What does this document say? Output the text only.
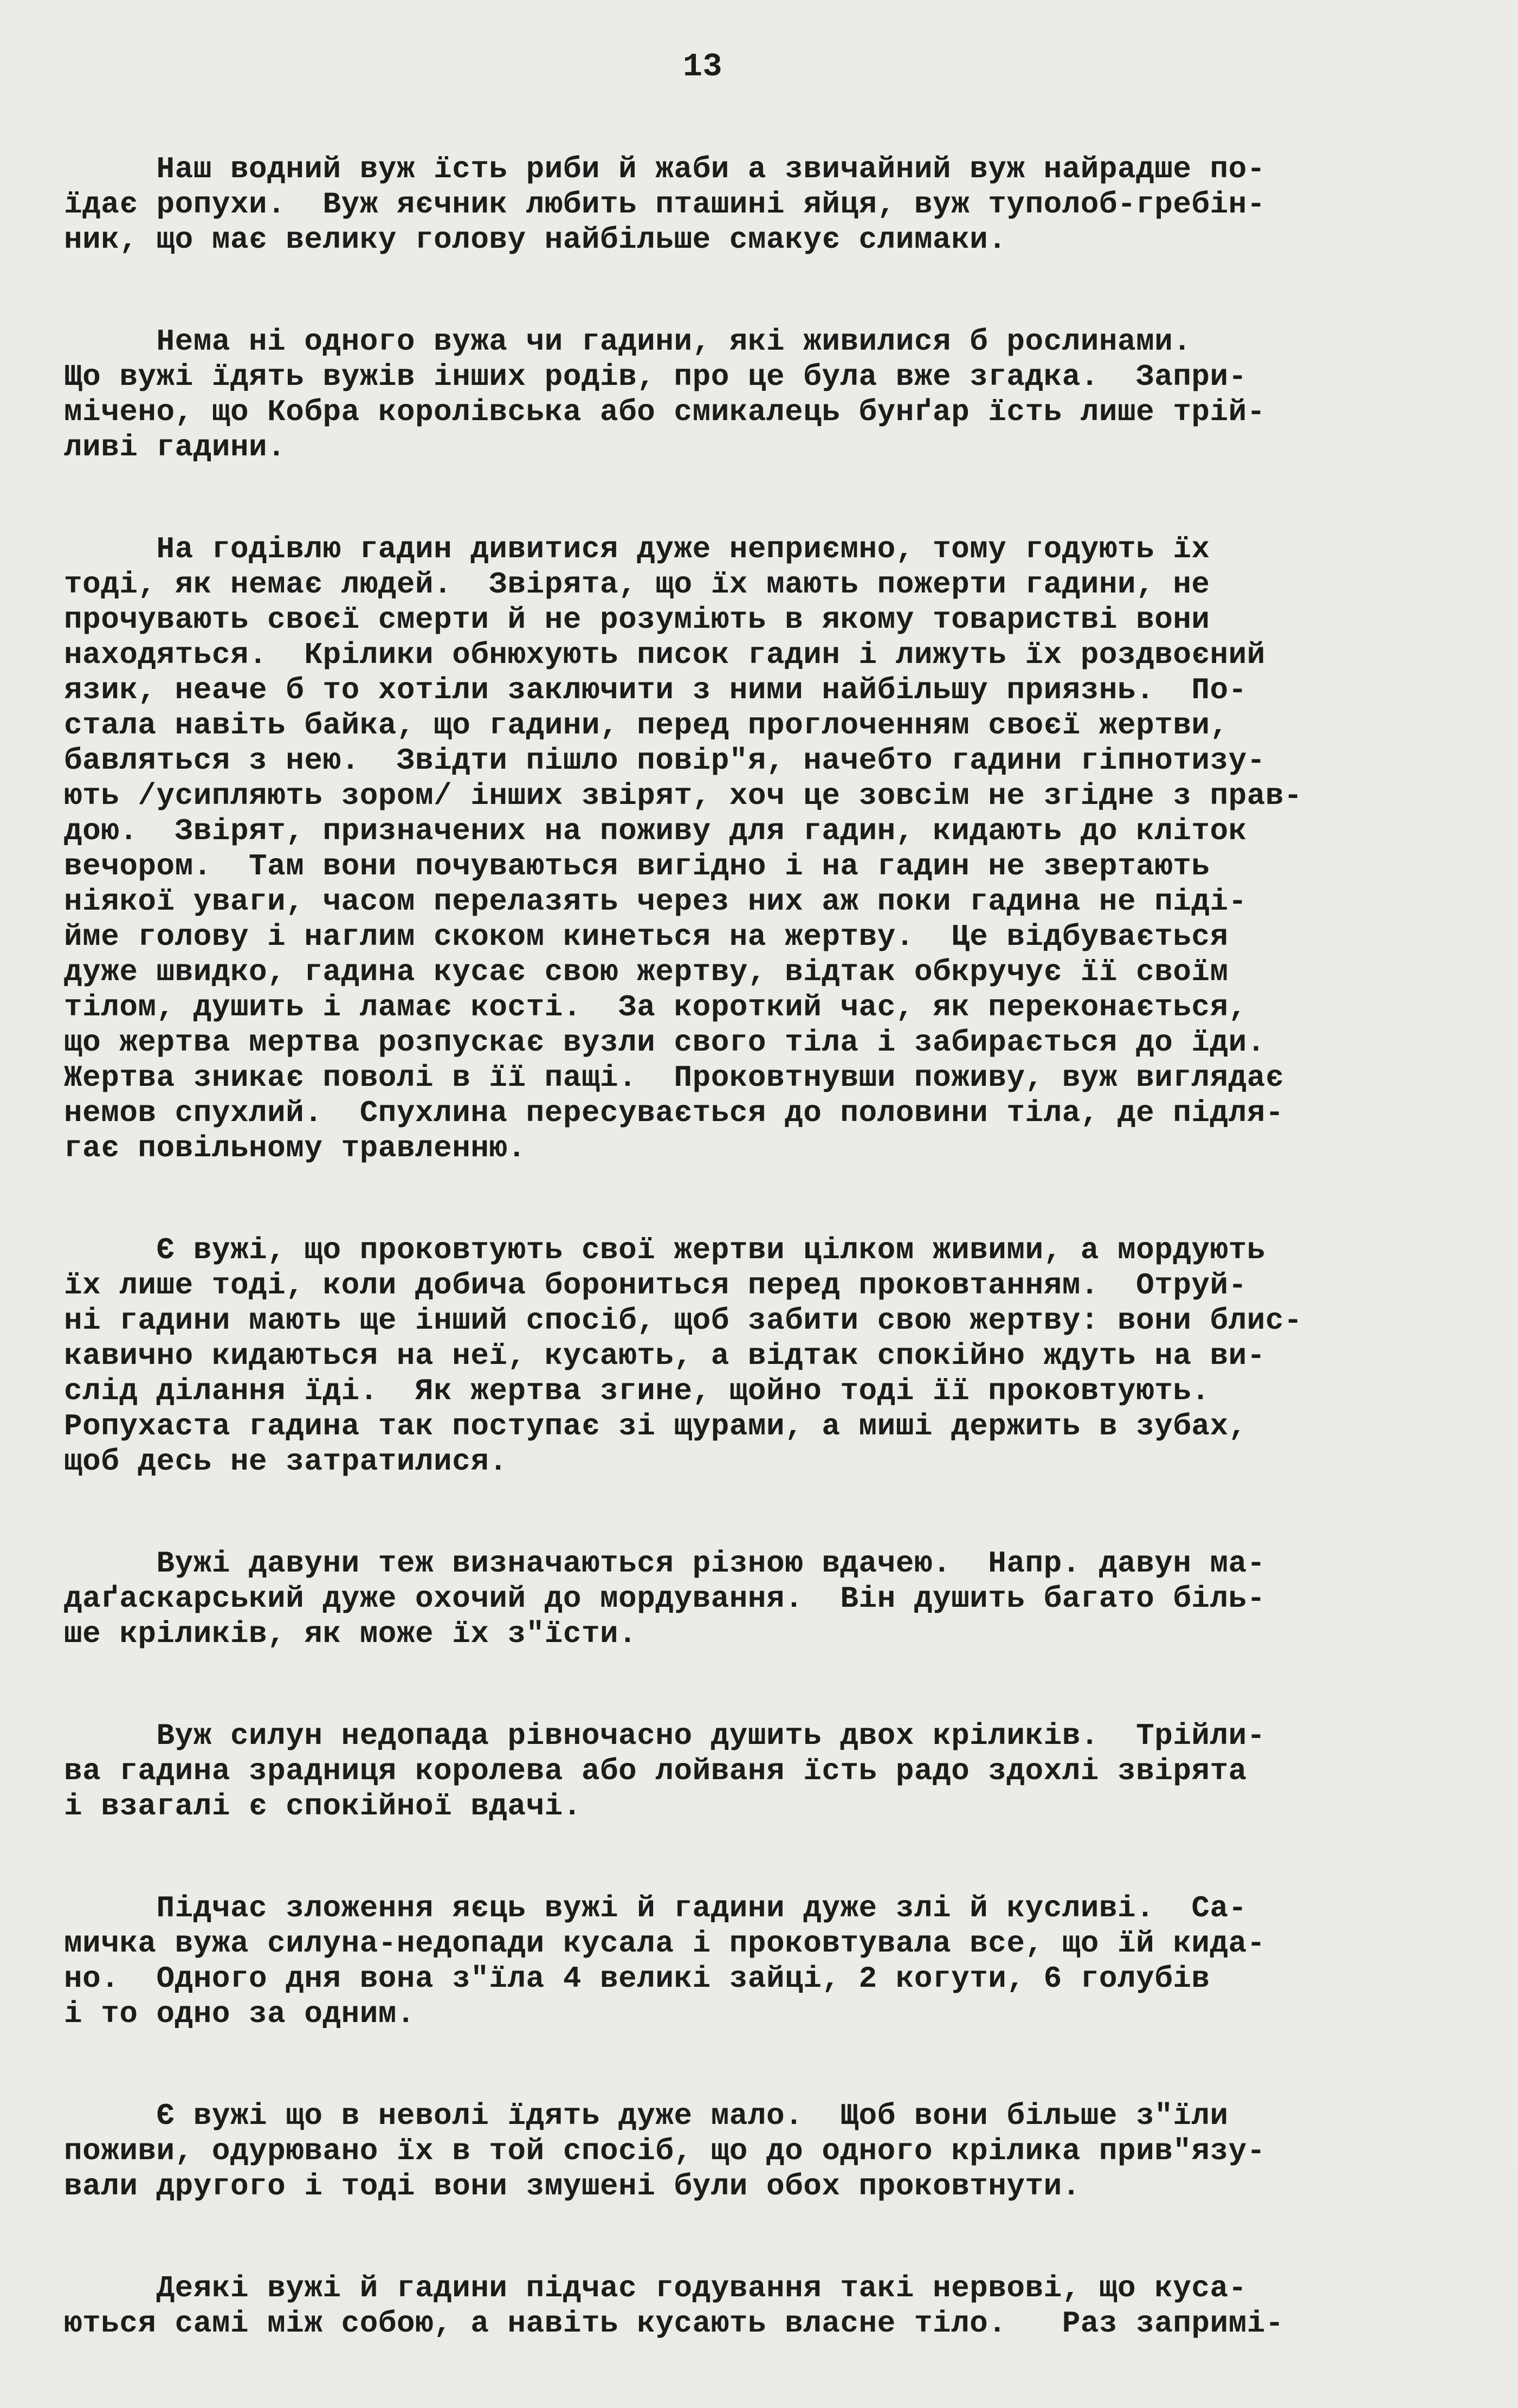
13
Наш водний вуж їсть риби й жаби а звичайний вуж найрадше по-
їдає ропухи.  Вуж яєчник любить пташині яйця, вуж туполоб-гребін-
ник, що має велику голову найбільше смакує слимаки.
Нема ні одного вужа чи гадини, які живилися б рослинами.
Що вужі їдять вужів інших родів, про це була вже згадка.  Запри-
мічено, що Кобра королівська або смикалець бунґар їсть лише трій-
ливі гадини.
На годівлю гадин дивитися дуже неприємно, тому годують їх
тоді, як немає людей.  Звірята, що їх мають пожерти гадини, не
прочувають своєї смерти й не розуміють в якому товаристві вони
находяться.  Крілики обнюхують писок гадин і лижуть їх роздвоєний
язик, неаче б то хотіли заключити з ними найбільшу приязнь.  По-
стала навіть байка, що гадини, перед проглоченням своєї жертви,
бавляться з нею.  Звідти пішло повір"я, начебто гадини гіпнотизу-
ють /усипляють зором/ інших звірят, хоч це зовсім не згідне з прав-
дою.  Звірят, призначених на поживу для гадин, кидають до кліток
вечором.  Там вони почуваються вигідно і на гадин не звертають
ніякої уваги, часом перелазять через них аж поки гадина не піді-
йме голову і наглим скоком кинеться на жертву.  Це відбувається
дуже швидко, гадина кусає свою жертву, відтак обкручує її своїм
тілом, душить і ламає кості.  За короткий час, як переконається,
що жертва мертва розпускає вузли свого тіла і забирається до їди.
Жертва зникає поволі в її пащі.  Проковтнувши поживу, вуж виглядає
немов спухлий.  Спухлина пересувається до половини тіла, де підля-
гає повільному травленню.
Є вужі, що проковтують свої жертви цілком живими, а мордують
їх лише тоді, коли добича борониться перед проковтанням.  Отруй-
ні гадини мають ще інший спосіб, щоб забити свою жертву: вони блис-
кавично кидаються на неї, кусають, а відтак спокійно ждуть на ви-
слід ділання їді.  Як жертва згине, щойно тоді її проковтують.
Ропухаста гадина так поступає зі щурами, а миші держить в зубах,
щоб десь не затратилися.
Вужі давуни теж визначаються різною вдачею.  Напр. давун ма-
даґаскарський дуже охочий до мордування.  Він душить багато біль-
ше кріликів, як може їх з"їсти.
Вуж силун недопада рівночасно душить двох кріликів.  Трійли-
ва гадина зрадниця королева або лойваня їсть радо здохлі звірята
і взагалі є спокійної вдачі.
Підчас зложення яєць вужі й гадини дуже злі й кусливі.  Са-
мичка вужа силуна-недопади кусала і проковтувала все, що їй кида-
но.  Одного дня вона з"їла 4 великі зайці, 2 когути, 6 голубів
і то одно за одним.
Є вужі що в неволі їдять дуже мало.  Щоб вони більше з"їли
поживи, одурювано їх в той спосіб, що до одного крілика прив"язу-
вали другого і тоді вони змушені були обох проковтнути.
Деякі вужі й гадини підчас годування такі нервові, що куса-
ються самі між собою, а навіть кусають власне тіло.   Раз запримі-
